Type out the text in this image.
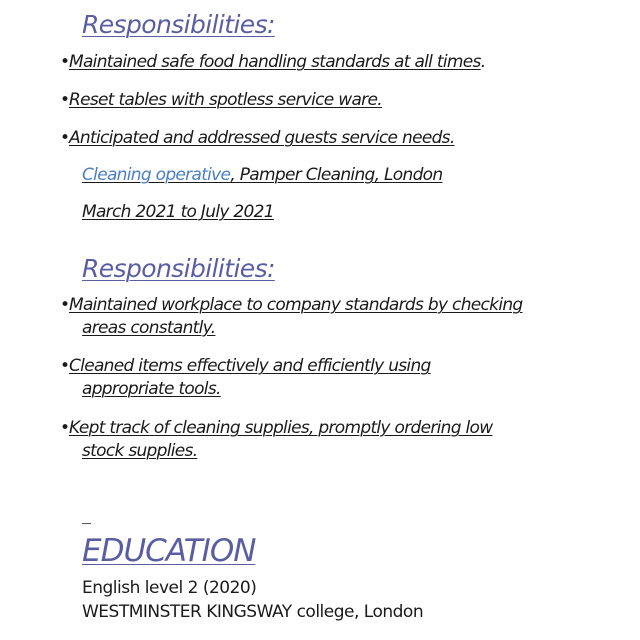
Responsibilities:
•Maintained safe food handling standards at all times.
•Reset tables with spotless service ware.
•Anticipated and addressed guests service needs.
Cleaning operative, Pamper Cleaning, London
March 2021 to July 2021
Responsibilities:
•Maintained workplace to company standards by checking
areas constantly.
•Cleaned items effectively and efficiently using
appropriate tools.
•Kept track of cleaning supplies, promptly ordering low
stock supplies.
EDUCATION
English level 2 (2020)
WESTMINSTER KINGSWAY college, London
